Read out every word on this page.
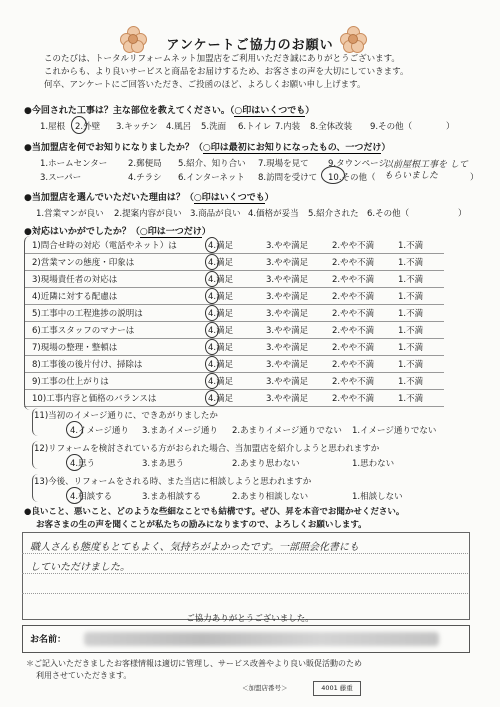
アンケートご協力のお願い
このたびは、トータルリフォームネット加盟店をご利用いただき誠にありがとうございます。
これからも、より良いサービスと商品をお届けするため、お客さまの声を大切にしていきます。
何卒、アンケートにご回答いただき、ご投函のほど、よろしくお願い申し上げます。
●今回された工事は？主な部位を教えてください。（○印はいくつでも）
1.屋根 2.外壁 3.キッチン 4.風呂 5.洗面 6.トイレ 7.内装 8.全体改装 9.その他（	）
●当加盟店を何でお知りになりましたか？（○印は最初にお知りになったもの、一つだけ）
1.ホームセンター 2.郵便局 5.紹介、知り合い 7.現場を見て 9.タウンページ
3.スーパー	4.チラシ 6.インターネット 8.訪問を受けて 10.その他（	）
以前屋根工事を してもらいました
●当加盟店を選んでいただいた理由は？（○印はいくつでも）
1.営業マンが良い 2.提案内容が良い 3.商品が良い 4.価格が妥当 5.紹介された 6.その他（	）
●対応はいかがでしたか？（○印は一つだけ）
11)当初のイメージ通りに、できあがりましたか
4.イメージ通り 3.まあイメージ通り 2.あまりイメージ通りでない 1.イメージ通りでない
12)リフォームを検討されている方がおられた場合、当加盟店を紹介しようと思われますか
4.思う	3.まあ思う	2.あまり思わない	1.思わない
13)今後、リフォームをされる時、また当店に相談しようと思われますか
4.相談する	3.まあ相談する	2.あまり相談しない	1.相談しない
●良いこと、悪いこと、どのような些細なことでも結構です。ぜひ、昇を本音でお聞かせください。
お客さまの生の声を聞くことが私たちの励みになりますので、よろしくお願いします。
職人さんも態度もとてもよく、気持ちがよかったです。一部照会化書にも
していただけました。
ご協力ありがとうございました。
お名前：
＊ご記入いただきましたお客様情報は適切に管理し、サービス改善やより良い販促活動のため
利用させていただきます。
＜加盟店番号＞	4001 藤重
1)問合せ時の対応（電話やネット）は	4.満足	3.やや満足	2.やや不満	1.不満
2)営業マンの態度・印象は	4.満足	3.やや満足	2.やや不満	1.不満
3)現場責任者の対応は	4.満足	3.やや満足	2.やや不満	1.不満
4)近隣に対する配慮は	4.満足	3.やや満足	2.やや不満	1.不満
5)工事中の工程進捗の説明は	4.満足	3.やや満足	2.やや不満	1.不満
6)工事スタッフのマナーは	4.満足	3.やや満足	2.やや不満	1.不満
7)現場の整理・整頓は	4.満足	3.やや満足	2.やや不満	1.不満
8)工事後の後片付け、掃除は	4.満足	3.やや満足	2.やや不満	1.不満
9)工事の仕上がりは	4.満足	3.やや満足	2.やや不満	1.不満
10)工事内容と価格のバランスは	4.満足	3.やや満足	2.やや不満	1.不満
